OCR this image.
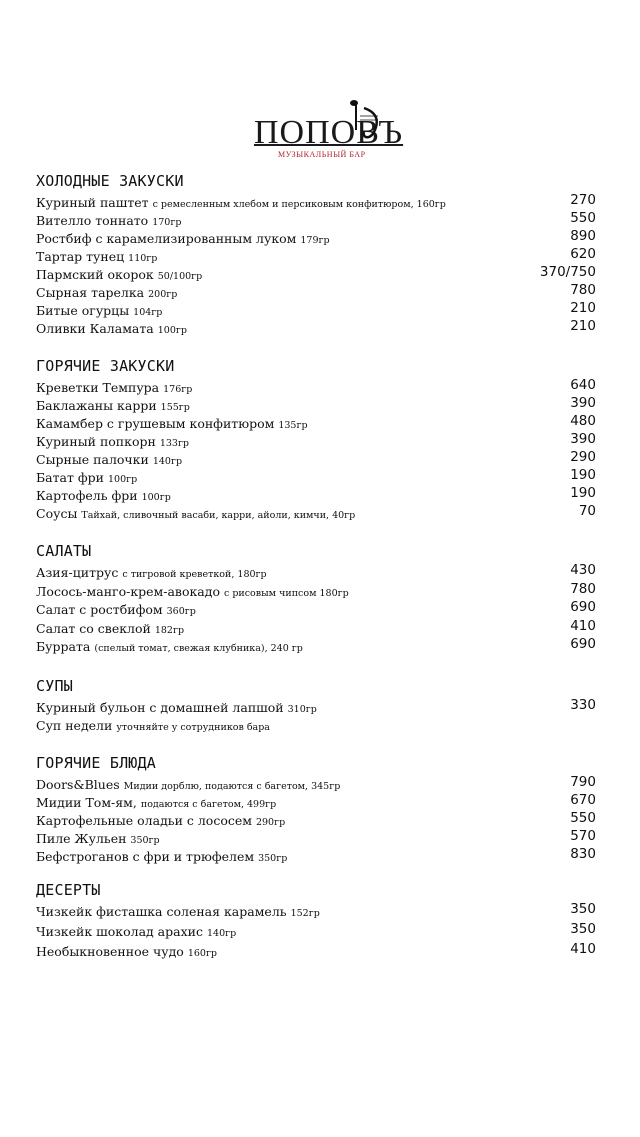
ПОПОВЪ
МУЗЫКАЛЬНЫЙ БАР
ХОЛОДНЫЕ ЗАКУСКИ
Куриный паштет с ремесленным хлебом и персиковым конфитюром, 160гр	270
Вителло тоннато 170гр	550
Ростбиф с карамелизированным луком 179гр	890
Тартар тунец 110гр	620
Пармский окорок 50/100гр	370/750
Сырная тарелка 200гр	780
Битые огурцы 104гр	210
Оливки Каламата 100гр	210
ГОРЯЧИЕ ЗАКУСКИ
Креветки Темпура 176гр	640
Баклажаны карри 155гр	390
Камамбер с грушевым конфитюром 135гр	480
Куриный попкорн 133гр	390
Сырные палочки 140гр	290
Батат фри 100гр	190
Картофель фри 100гр	190
Соусы Тайхай, сливочный васаби, карри, айоли, кимчи, 40гр	70
САЛАТЫ
Азия-цитрус с тигровой креветкой, 180гр	430
Лосось-манго-крем-авокадо с рисовым чипсом 180гр	780
Салат с ростбифом 360гр	690
Салат со свеклой 182гр	410
Буррата (спелый томат, свежая клубника), 240 гр	690
СУПЫ
Куриный бульон с домашней лапшой 310гр	330
Суп недели уточняйте у сотрудников бара
ГОРЯЧИЕ БЛЮДА
Doors&Blues Мидии дорблю, подаются с багетом, 345гр	790
Мидии Том-ям, подаются с багетом, 499гр	670
Картофельные оладьи с лососем 290гр	550
Пиле Жульен 350гр	570
Бефстроганов с фри и трюфелем 350гр	830
ДЕСЕРТЫ
Чизкейк фисташка соленая карамель 152гр	350
Чизкейк шоколад арахис 140гр	350
Необыкновенное чудо 160гр	410
